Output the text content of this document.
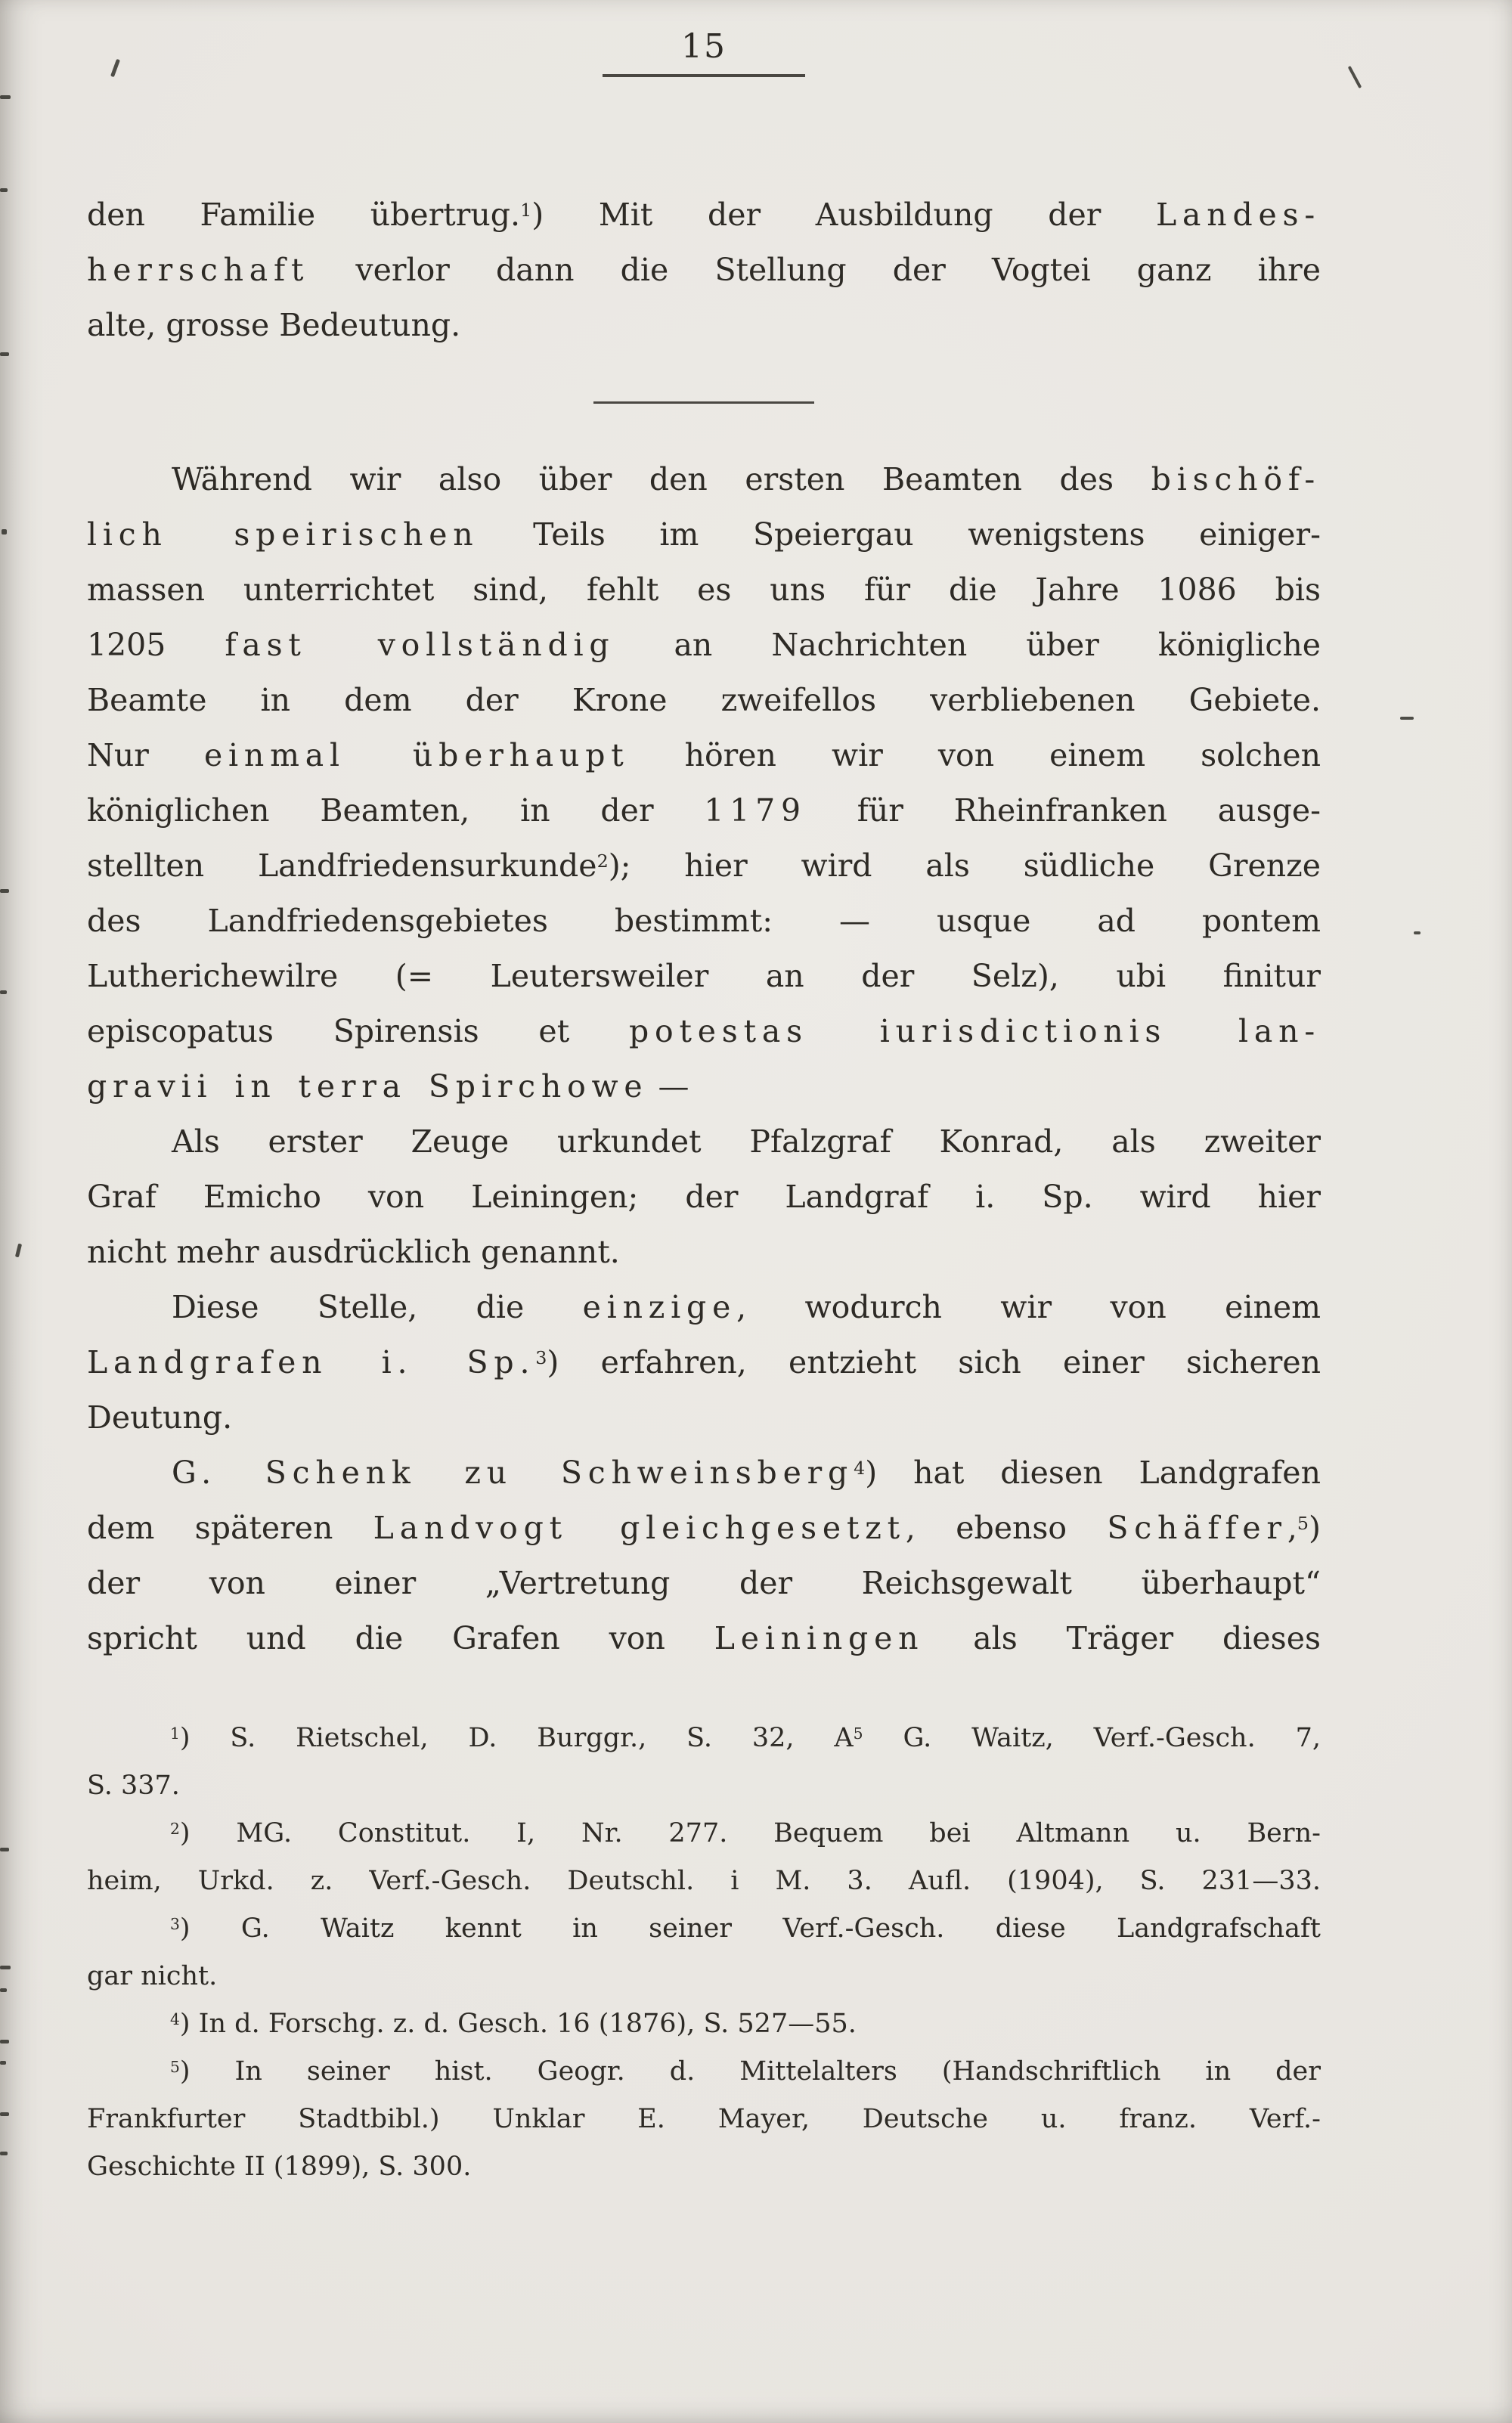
15
den Familie übertrug.$^1$) Mit der Ausbildung der Landes-
herrschaft verlor dann die Stellung der Vogtei ganz ihre
alte, grosse Bedeutung.
Während wir also über den ersten Beamten des bischöf-
lich speirischen Teils im Speiergau wenigstens einiger-
massen unterrichtet sind, fehlt es uns für die Jahre 1086 bis
1205 fast vollständig an Nachrichten über königliche
Beamte in dem der Krone zweifellos verbliebenen Gebiete.
Nur einmal überhaupt hören wir von einem solchen
königlichen Beamten, in der 1179 für Rheinfranken ausge-
stellten Landfriedensurkunde$^2$); hier wird als südliche Grenze
des Landfriedensgebietes bestimmt: — usque ad pontem
Lutherichewilre (= Leutersweiler an der Selz), ubi finitur
episcopatus Spirensis et potestas iurisdictionis lan-
gravii in terra Spirchowe —
Als erster Zeuge urkundet Pfalzgraf Konrad, als zweiter
Graf Emicho von Leiningen; der Landgraf i. Sp. wird hier
nicht mehr ausdrücklich genannt.
Diese Stelle, die einzige, wodurch wir von einem
Landgrafen i. Sp.$^3$) erfahren, entzieht sich einer sicheren
Deutung.
G. Schenk zu Schweinsberg$^4$) hat diesen Landgrafen
dem späteren Landvogt gleichgesetzt, ebenso Schäffer,$^5$)
der von einer „Vertretung der Reichsgewalt überhaupt“
spricht und die Grafen von Leiningen als Träger dieses
$^1$) S. Rietschel, D. Burggr., S. 32, $A^5$ G. Waitz, Verf.-Gesch. 7,
S. 337.
$^2$) MG. Constitut. I, Nr. 277. Bequem bei Altmann u. Bern-
heim, Urkd. z. Verf.-Gesch. Deutschl. i M. 3. Aufl. (1904), S. 231—33.
$^3$) G. Waitz kennt in seiner Verf.-Gesch. diese Landgrafschaft
gar nicht.
$^4$) In d. Forschg. z. d. Gesch. 16 (1876), S. 527—55.
$^5$) In seiner hist. Geogr. d. Mittelalters (Handschriftlich in der
Frankfurter Stadtbibl.) Unklar E. Mayer, Deutsche u. franz. Verf.-
Geschichte II (1899), S. 300.
